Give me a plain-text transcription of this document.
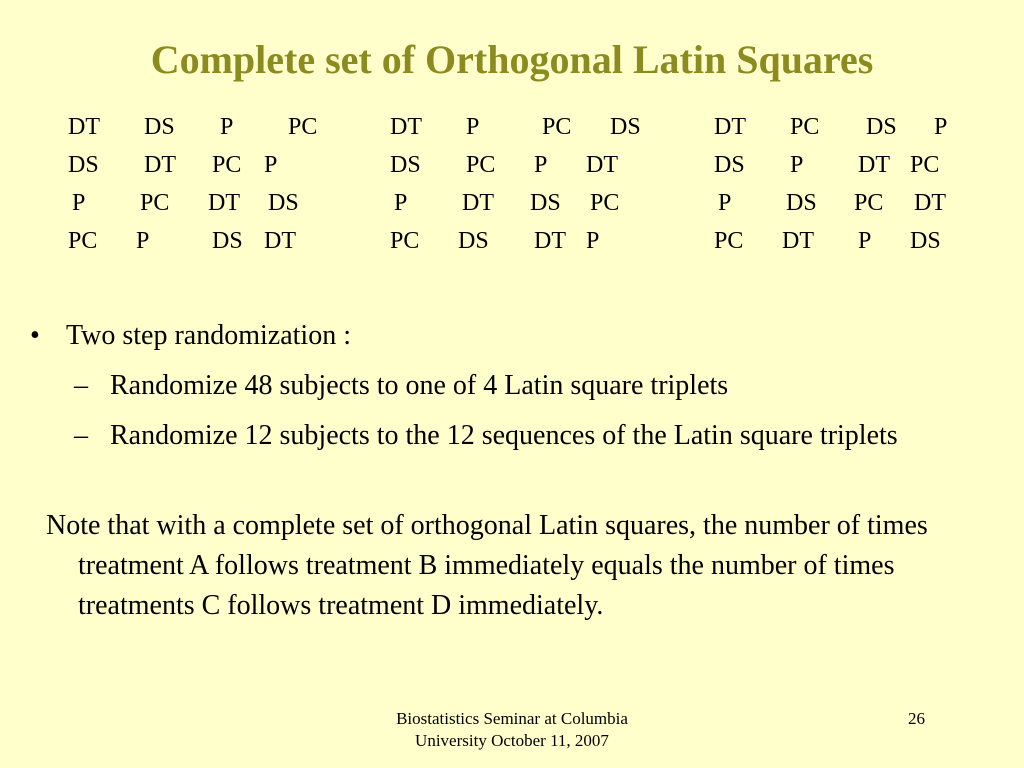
Complete set of Orthogonal Latin Squares
DT DS P PC
DS DT PC P
P PC DT DS
PC P	DS DT
DT P	PC DS
DS PC P DT
P DT DS PC
PC DS DT P
DT PC DS P
DS P DT PC
P DS PC DT
PC DT P DS
• Two step randomization :
– Randomize 48 subjects to one of 4 Latin square triplets
– Randomize 12 subjects to the 12 sequences of the Latin square triplets
Note that with a complete set of orthogonal Latin squares, the number of times treatment A follows treatment B immediately equals the number of times treatments C follows treatment D immediately.
Biostatistics Seminar at Columbia University October 11, 2007
26
